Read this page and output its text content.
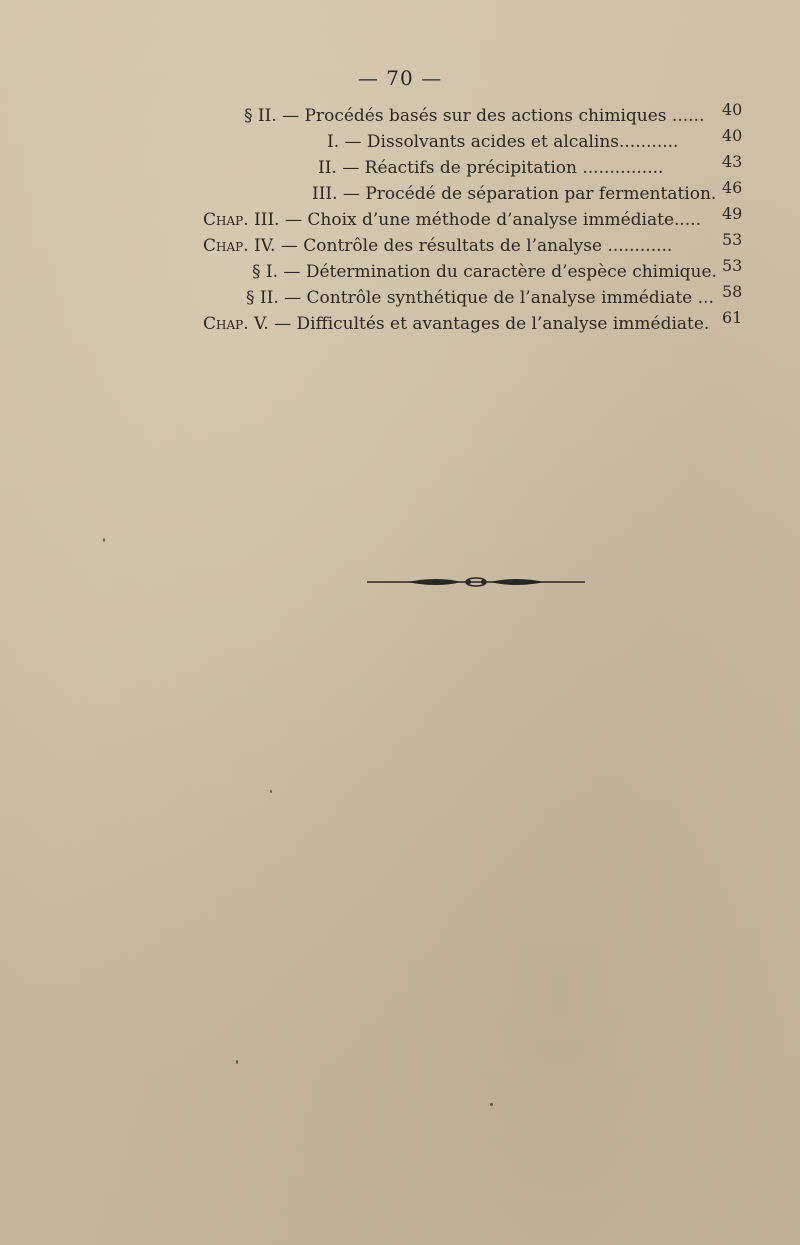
— 70 —
§ II. — Procédés basés sur des actions chimiques ...... 40
I. — Dissolvants acides et alcalins...........	40
II. — Réactifs de précipitation ...............	43
III. — Procédé de séparation par fermentation. 46
Chap. III. — Choix d’une méthode d’analyse immédiate..... 49
Chap. IV. — Contrôle des résultats de l’analyse ............	53
§ I. — Détermination du caractère d’espèce chimique. 53
§ II. — Contrôle synthétique de l’analyse immédiate ... 58
Chap. V. — Difficultés et avantages de l’analyse immédiate. 61
